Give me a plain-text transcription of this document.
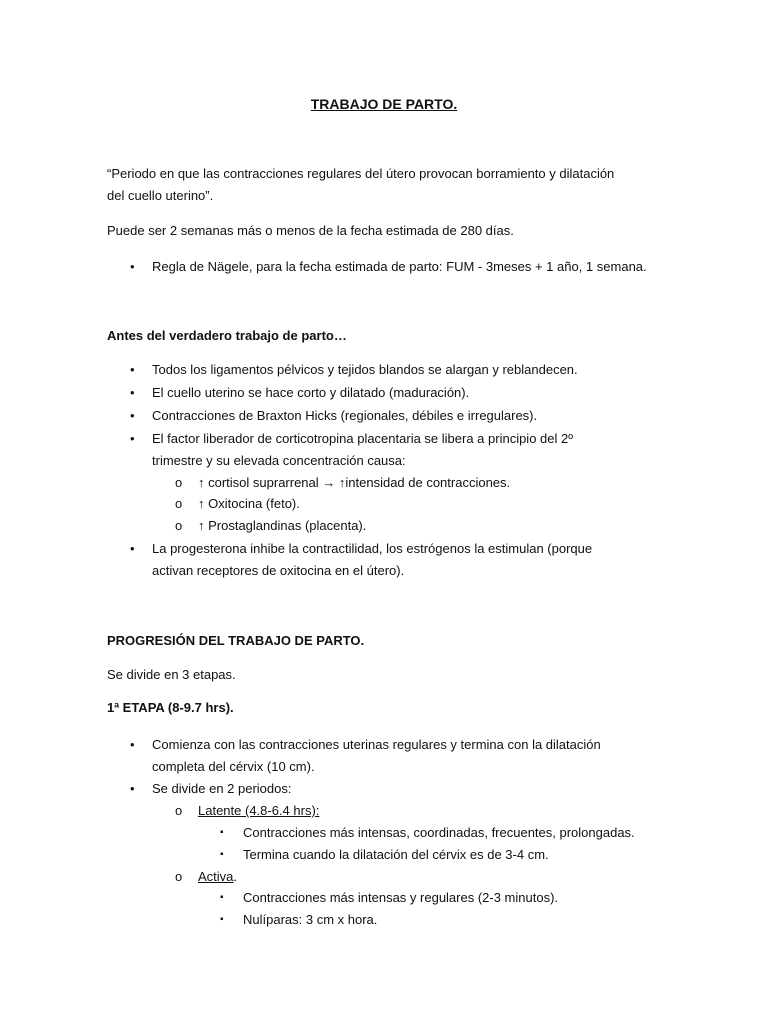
TRABAJO DE PARTO.
“Periodo en que las contracciones regulares del útero provocan borramiento y dilatación
del cuello uterino”.
Puede ser 2 semanas más o menos de la fecha estimada de 280 días.
• Regla de Nägele, para la fecha estimada de parto: FUM - 3meses + 1 año, 1 semana.
Antes del verdadero trabajo de parto…
• Todos los ligamentos pélvicos y tejidos blandos se alargan y reblandecen.
• El cuello uterino se hace corto y dilatado (maduración).
• Contracciones de Braxton Hicks (regionales, débiles e irregulares).
• El factor liberador de corticotropina placentaria se libera a principio del 2º
trimestre y su elevada concentración causa:
o ↑ cortisol suprarrenal → ↑intensidad de contracciones.
o ↑ Oxitocina (feto).
o ↑ Prostaglandinas (placenta).
• La progesterona inhibe la contractilidad, los estrógenos la estimulan (porque
activan receptores de oxitocina en el útero).
PROGRESIÓN DEL TRABAJO DE PARTO.
Se divide en 3 etapas.
1ª ETAPA (8-9.7 hrs).
• Comienza con las contracciones uterinas regulares y termina con la dilatación
completa del cérvix (10 cm).
• Se divide en 2 periodos:
o Latente (4.8-6.4 hrs):
▪ Contracciones más intensas, coordinadas, frecuentes, prolongadas.
▪ Termina cuando la dilatación del cérvix es de 3-4 cm.
o Activa.
▪ Contracciones más intensas y regulares (2-3 minutos).
▪ Nulíparas: 3 cm x hora.
